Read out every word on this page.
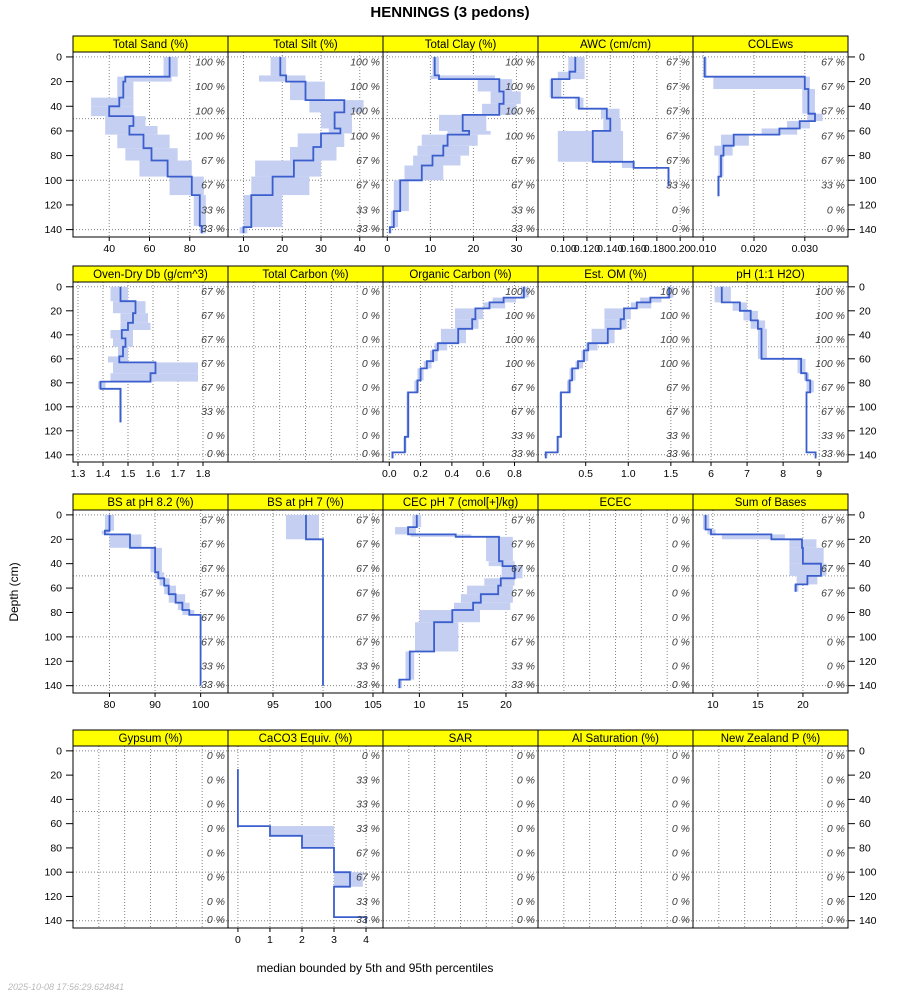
HENNINGS (3 pedons)
Depth (cm)
0	0
20	20
40	40
60	60
80	80
100	100
120	120
140	140
Total Sand (%)
100 %
100 %
100 %
100 %
67 %
67 %
33 %
33 %
40	60	80
Total Silt (%)
100 %
100 %
100 %
100 %
67 %
67 %
33 %
33 %
10	20	30	40
Total Clay (%)
100 %
100 %
100 %
100 %
67 %
67 %
33 %
33 %
0	10	20	30
AWC (cm/cm)
67 %
67 %
67 %
67 %
67 %
33 %
0 %
0 %
0.100
0.120
0.140
0.160
0.180 0.20
COLEws
67 %
67 %
67 %
67 %
67 %
33 %
0 %
0 %
0.010 0.020 0.030
0	0
20	20
40	40
60	60
80	80
100	100
120	120
140	140
Oven-Dry Db (g/cm^3)
67 %
67 %
67 %
67 %
67 %
33 %
0 %
0 %
1.3 1.4 1.5 1.6 1.7 1.8
Total Carbon (%)
0 %
0 %
0 %
0 %
0 %
0 %
0 %
0 %
Organic Carbon (%)
100 %
100 %
100 %
100 %
67 %
67 %
33 %
33 %
0.0 0.2 0.4 0.6 0.8
Est. OM (%)
100 %
100 %
100 %
100 %
67 %
67 %
33 %
33 %
0.5	1.0	1.5
pH (1:1 H2O)
100 %
100 %
100 %
100 %
67 %
67 %
33 %
33 %
6	7	8	9
0	0
20	20
40	40
60	60
80	80
100	100
120	120
140	140
BS at pH 8.2 (%)
67 %
67 %
67 %
67 %
67 %
67 %
33 %
33 %
80	90	100
BS at pH 7 (%)
67 %
67 %
67 %
67 %
67 %
67 %
33 %
33 %
95	100	105
CEC pH 7 (cmol[+]/kg)
67 %
67 %
67 %
67 %
67 %
67 %
33 %
33 %
10	15	20
ECEC
0 %
0 %
0 %
0 %
0 %
0 %
0 %
0 %
Sum of Bases
67 %
67 %
67 %
67 %
0 %
0 %
0 %
0 %
10	15	20
0	0
20	20
40	40
60	60
80	80
100	100
120	120
140	140
Gypsum (%)
0 %
0 %
0 %
0 %
0 %
0 %
0 %
0 %
CaCO3 Equiv. (%)
0 %
33 %
33 %
33 %
67 %
67 %
33 %
33 %
0 1 2 3 4
SAR
0 %
0 %
0 %
0 %
0 %
0 %
0 %
0 %
Al Saturation (%)
0 %
0 %
0 %
0 %
0 %
0 %
0 %
0 %
New Zealand P (%)
0 %
0 %
0 %
0 %
0 %
0 %
0 %
0 %
median bounded by 5th and 95th percentiles
2025-10-08 17:56:29.624841
